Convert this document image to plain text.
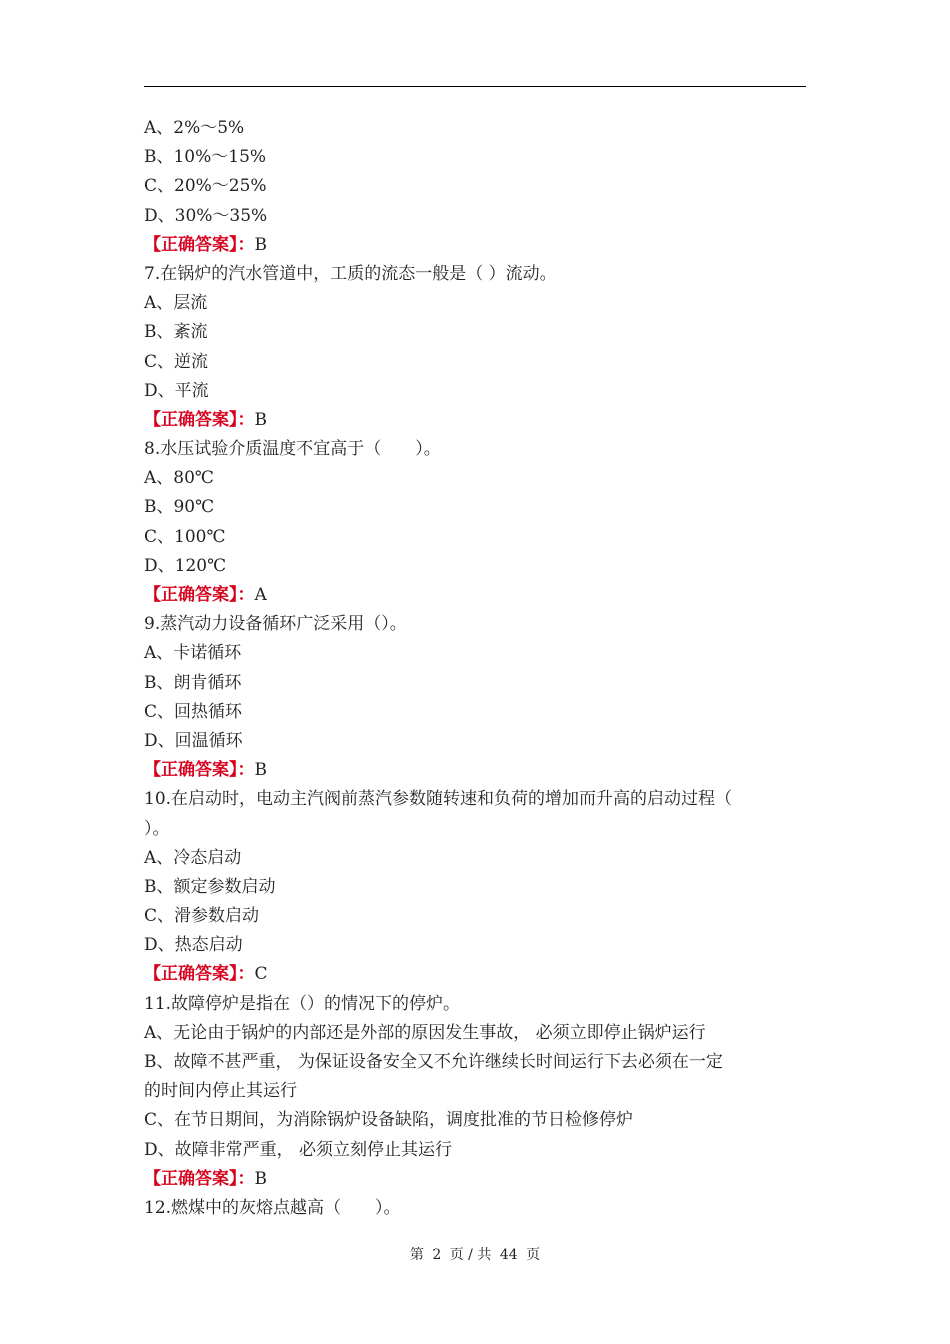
A、2%～5%
B、10%～15%
C、20%～25%
D、30%～35%
【正确答案】：B
7.在锅炉的汽水管道中，工质的流态一般是（ ）流动。
A、层流
B、紊流
C、逆流
D、平流
【正确答案】：B
8.水压试验介质温度不宜高于（　　）。
A、80℃
B、90℃
C、100℃
D、120℃
【正确答案】：A
9.蒸汽动力设备循环广泛采用（）。
A、卡诺循环
B、朗肯循环
C、回热循环
D、回温循环
【正确答案】：B
10.在启动时，电动主汽阀前蒸汽参数随转速和负荷的增加而升高的启动过程（
）。
A、冷态启动
B、额定参数启动
C、滑参数启动
D、热态启动
【正确答案】：C
11.故障停炉是指在（）的情况下的停炉。
A、无论由于锅炉的内部还是外部的原因发生事故， 必须立即停止锅炉运行
B、故障不甚严重， 为保证设备安全又不允许继续长时间运行下去必须在一定
的时间内停止其运行
C、在节日期间，为消除锅炉设备缺陷，调度批准的节日检修停炉
D、故障非常严重， 必须立刻停止其运行
【正确答案】：B
12.燃煤中的灰熔点越高（　　）。
第 2 页 / 共 44 页
